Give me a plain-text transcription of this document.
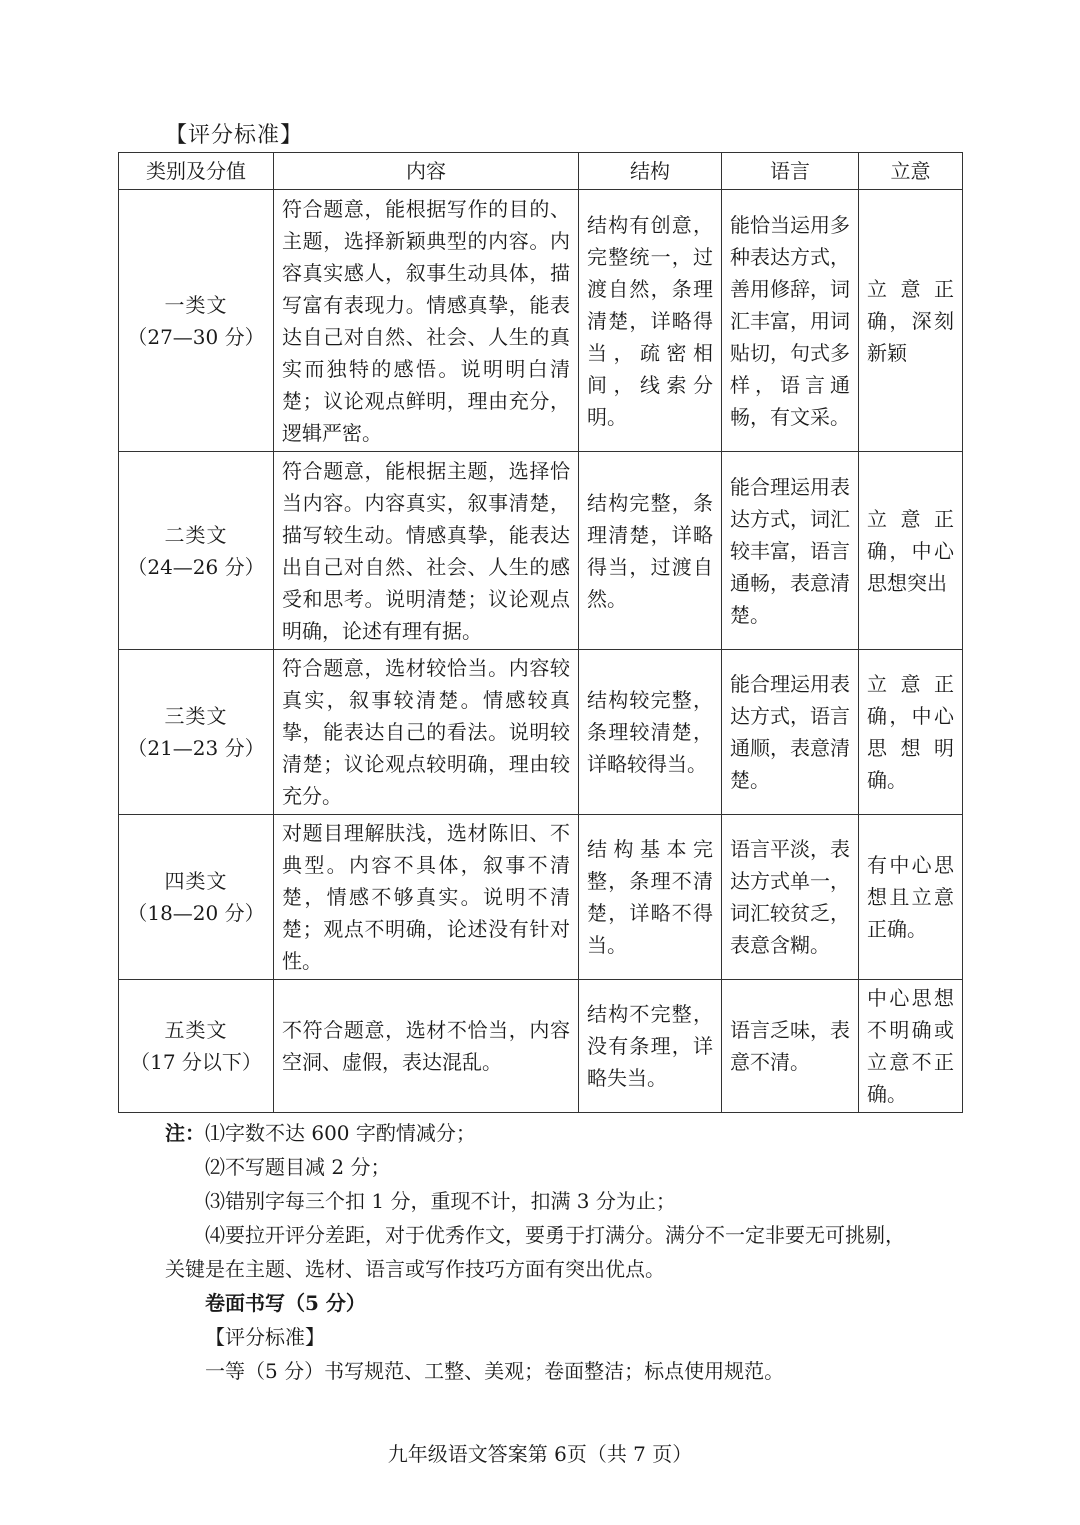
【评分标准】
类别及分值	内容	结构	语言	立意

一类文
（27—30 分）	符合题意，能根据写作的目的、主题，选择新颖典型的内容。内容真实感人，叙事生动具体，描写富有表现力。情感真挚，能表达自己对自然、社会、人生的真实而独特的感悟。说明明白清楚；议论观点鲜明，理由充分，逻辑严密。	结构有创意，完整统一，过渡自然，条理清楚，详略得当，疏密相间，线索分明。	能恰当运用多种表达方式，善用修辞，词汇丰富，用词贴切，句式多样，语言通畅，有文采。	立意正确，深刻新颖

二类文
（24—26 分）	符合题意，能根据主题，选择恰当内容。内容真实，叙事清楚，描写较生动。情感真挚，能表达出自己对自然、社会、人生的感受和思考。说明清楚；议论观点明确，论述有理有据。	结构完整，条理清楚，详略得当，过渡自然。	能合理运用表达方式，词汇较丰富，语言通畅，表意清楚。	立意正确，中心思想突出

三类文
（21—23 分）	符合题意，选材较恰当。内容较真实，叙事较清楚。情感较真挚，能表达自己的看法。说明较清楚；议论观点较明确，理由较充分。	结构较完整，条理较清楚，详略较得当。	能合理运用表达方式，语言通顺，表意清楚。	立意正确，中心思想明确。

四类文
（18—20 分）	对题目理解肤浅，选材陈旧、不典型。内容不具体，叙事不清楚，情感不够真实。说明不清楚；观点不明确，论述没有针对性。	结构基本完整，条理不清楚，详略不得当。	语言平淡，表达方式单一，词汇较贫乏，表意含糊。	有中心思想且立意正确。

五类文
（17 分以下）	不符合题意，选材不恰当，内容空洞、虚假，表达混乱。	结构不完整，没有条理，详略失当。	语言乏味，表意不清。	中心思想不明确或立意不正确。

注：⑴字数不达 600 字酌情减分；

⑵不写题目减 2 分；

⑶错别字每三个扣 1 分，重现不计，扣满 3 分为止；

⑷要拉开评分差距，对于优秀作文，要勇于打满分。满分不一定非要无可挑剔，

关键是在主题、选材、语言或写作技巧方面有突出优点。

卷面书写（5 分）

【评分标准】

一等（5 分）书写规范、工整、美观；卷面整洁；标点使用规范。

九年级语文答案第 6页（共 7 页）
